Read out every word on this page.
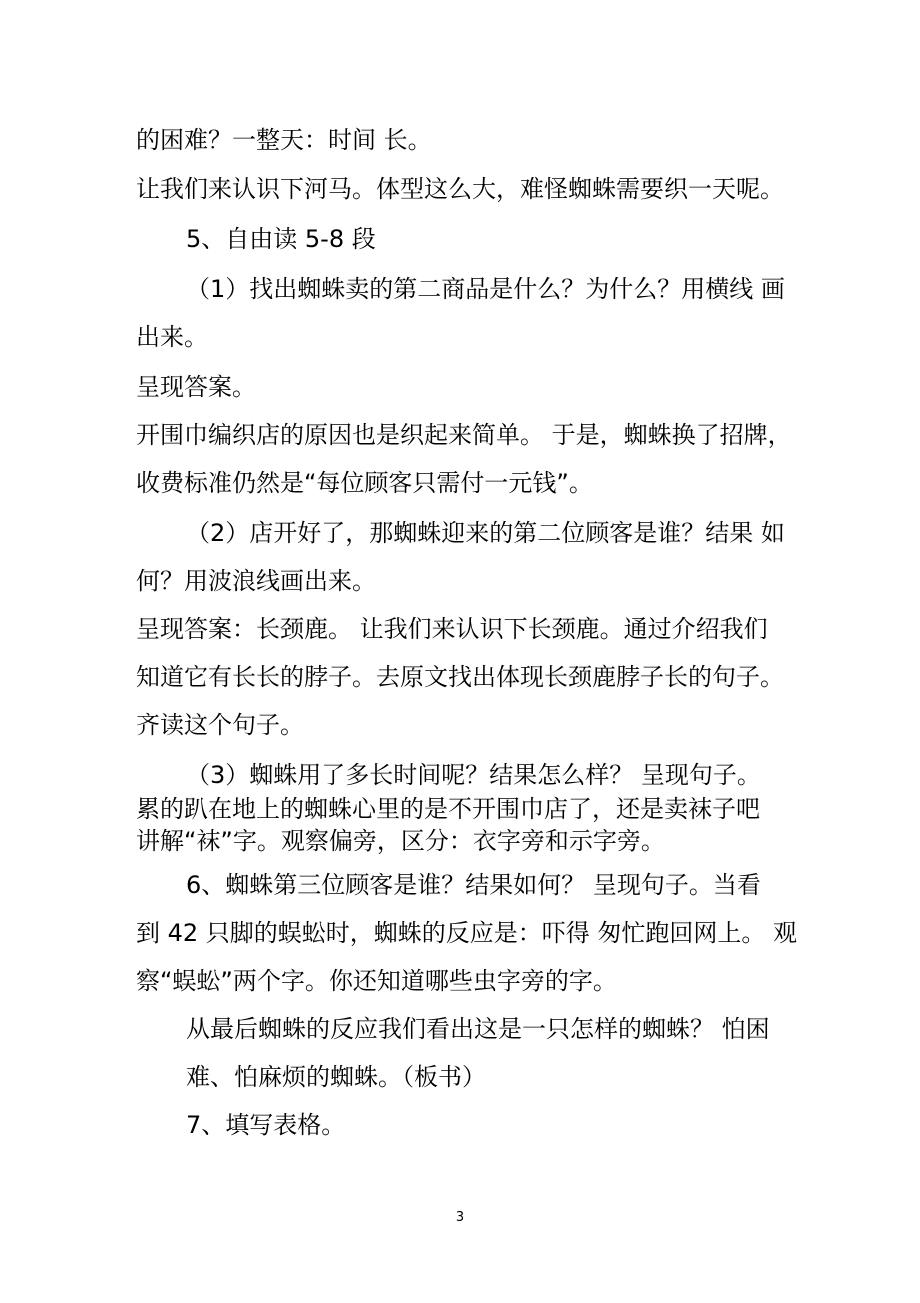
的困难？一整天：时间 长。
让我们来认识下河马。体型这么大，难怪蜘蛛需要织一天呢。
5、自由读 5-8 段
（1）找出蜘蛛卖的第二商品是什么？为什么？用横线 画
出来。
呈现答案。
开围巾编织店的原因也是织起来简单。 于是，蜘蛛换了招牌，
收费标准仍然是“每位顾客只需付一元钱”。
（2）店开好了，那蜘蛛迎来的第二位顾客是谁？结果 如
何？用波浪线画出来。
呈现答案：长颈鹿。 让我们来认识下长颈鹿。通过介绍我们
知道它有长长的脖子。去原文找出体现长颈鹿脖子长的句子。
齐读这个句子。
（3）蜘蛛用了多长时间呢？结果怎么样？ 呈现句子。
累的趴在地上的蜘蛛心里的是不开围巾店了，还是卖袜子吧
讲解“袜”字。观察偏旁，区分：衣字旁和示字旁。
6、蜘蛛第三位顾客是谁？结果如何？ 呈现句子。当看
到 42 只脚的蜈蚣时，蜘蛛的反应是：吓得 匆忙跑回网上。 观
察“蜈蚣”两个字。你还知道哪些虫字旁的字。
从最后蜘蛛的反应我们看出这是一只怎样的蜘蛛？ 怕困
难、怕麻烦的蜘蛛。（板书）
7、填写表格。
3
